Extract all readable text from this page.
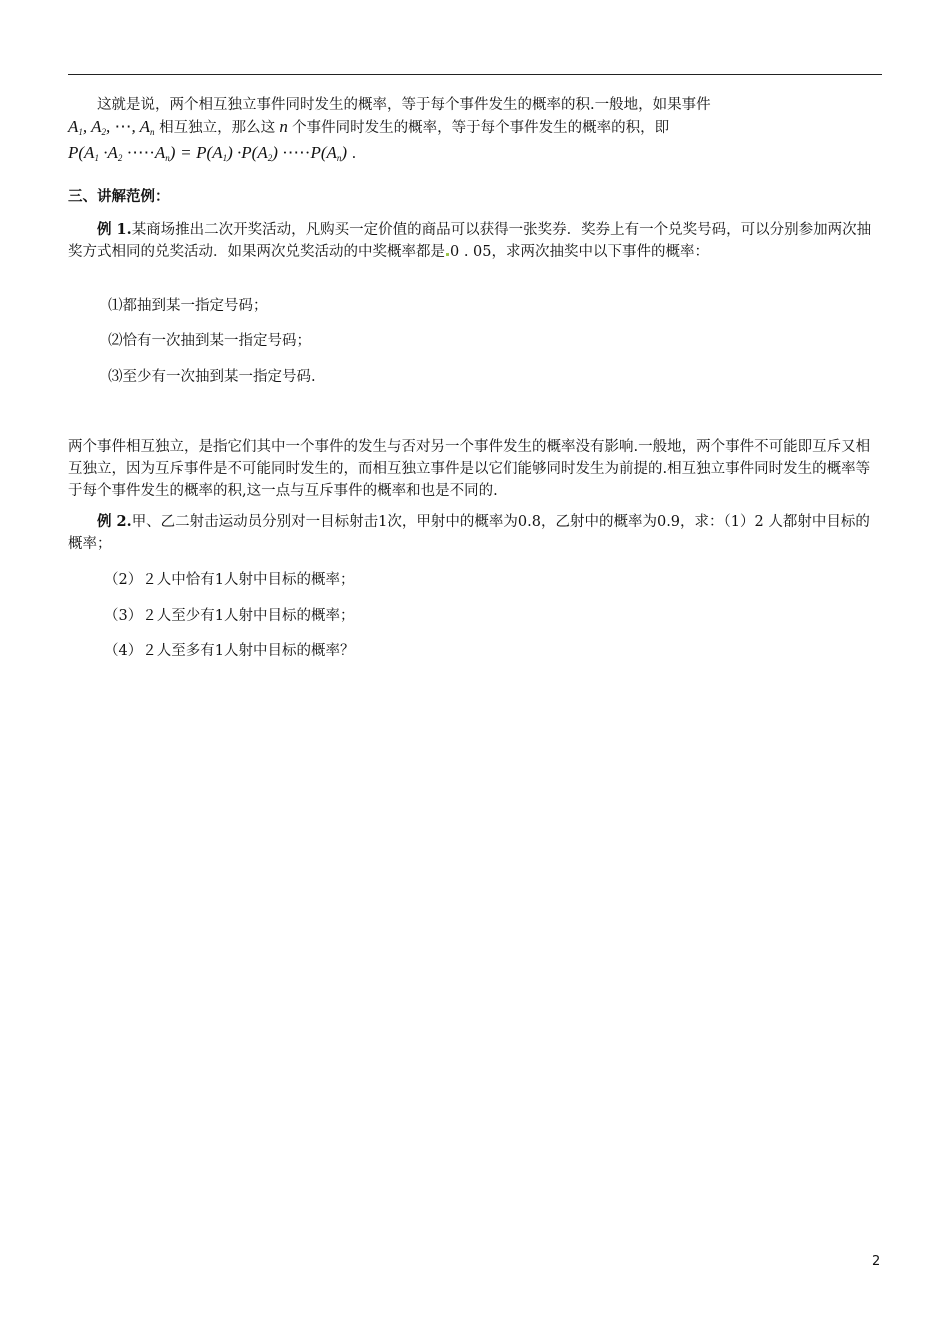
这就是说，两个相互独立事件同时发生的概率，等于每个事件发生的概率的积.一般地，如果事件

$A_1$, $A_2$, ⋯, $A_n$ 相互独立，那么这 n 个事件同时发生的概率，等于每个事件发生的概率的积，即

$P(A_1 \cdot A_2$ $\cdot\cdots\cdot A_n) = P(A_1) \cdot P(A_2)$ $\cdot\cdots\cdot P(A_n)$ .

三、讲解范例：

例 1.某商场推出二次开奖活动，凡购买一定价值的商品可以获得一张奖券．奖券上有一个兑奖号码，可以分别参加两次抽奖方式相同的兑奖活动．如果两次兑奖活动的中奖概率都是 0 . 05，求两次抽奖中以下事件的概率：

⑴都抽到某一指定号码；

⑵恰有一次抽到某一指定号码；

⑶至少有一次抽到某一指定号码.

两个事件相互独立，是指它们其中一个事件的发生与否对另一个事件发生的概率没有影响.一般地，两个事件不可能即互斥又相互独立，因为互斥事件是不可能同时发生的，而相互独立事件是以它们能够同时发生为前提的.相互独立事件同时发生的概率等于每个事件发生的概率的积,这一点与互斥事件的概率和也是不同的.

例 2.甲、乙二射击运动员分别对一目标射击1次，甲射中的概率为0.8，乙射中的概率为0.9，求：（1）2 人都射中目标的概率；

（2）２人中恰有1人射中目标的概率；

（3）２人至少有1人射中目标的概率；

（4）２人至多有1人射中目标的概率？

2
